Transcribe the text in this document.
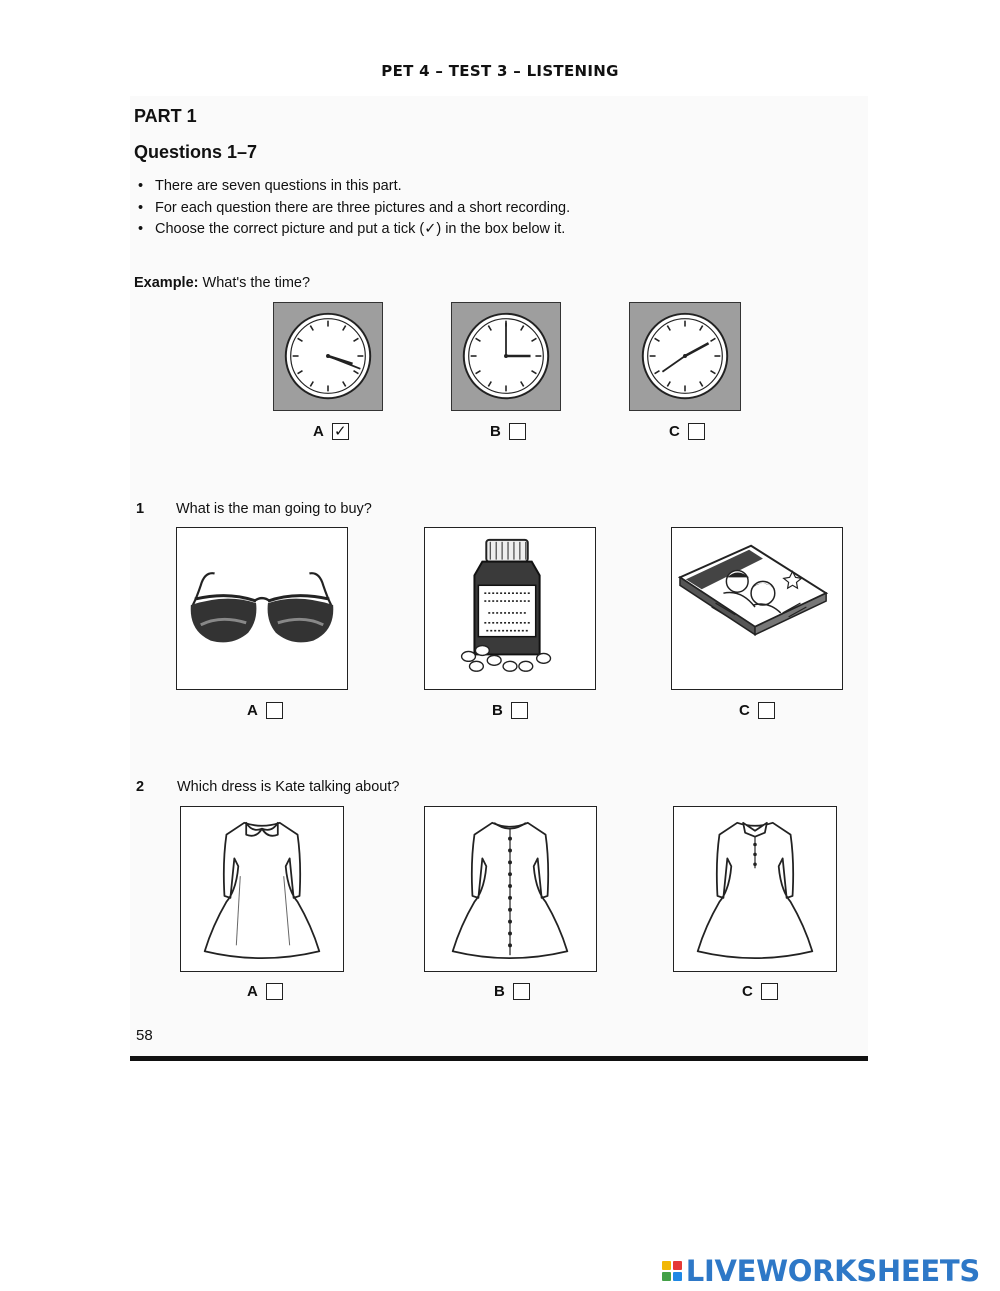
PET 4 – TEST 3 – LISTENING
PART 1
Questions 1–7
• There are seven questions in this part.
• For each question there are three pictures and a short recording.
• Choose the correct picture and put a tick (✓) in the box below it.
Example: What's the time?
A ✓	B	C
1 What is the man going to buy?
A	B	C
2 Which dress is Kate talking about?
A	B	C
58
LIVEWORKSHEETS
